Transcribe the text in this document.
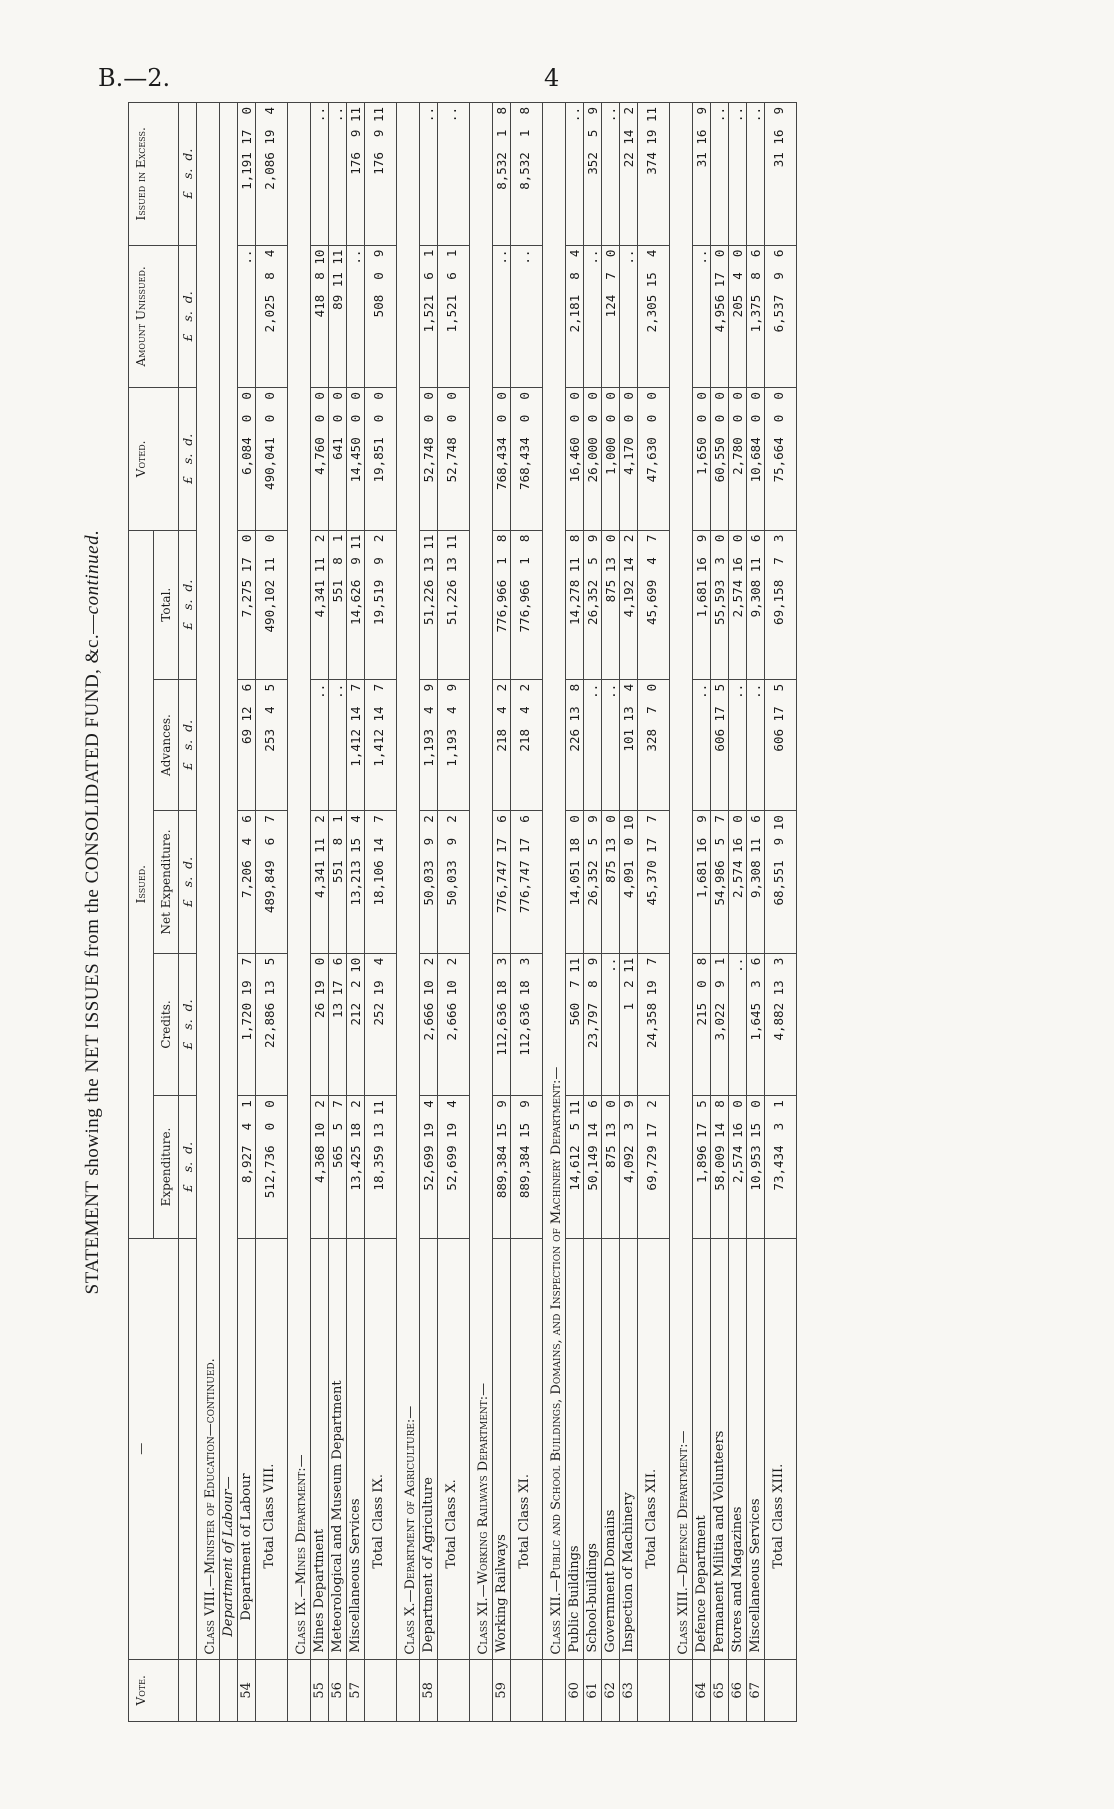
B.—2.	4
STATEMENT showing the NET ISSUES from the CONSOLIDATED FUND, &c.—continued.
Vote.	—	Issued.					Voted.	Amount Unissued.	Issued in Excess.
		Expenditure.	Credits.	Net Expenditure.	Advances.	Total.			
		£   s.  d.	£   s.  d.	£   s.  d.	£   s.  d.	£   s.  d.	£   s.  d.	£   s.  d.	£   s.  d.
	Class VIII.—Minister of Education—continued.								
	Department of Labour—								
54	Department of Labour	8,927  4  1	1,720 19  7	7,206  4  6	69 12  6	7,275 17  0	6,084  0  0	..	1,191 17  0
	Total Class VIII.	512,736  0  0	22,886 13  5	489,849  6  7	253  4  5	490,102 11  0	490,041  0  0	2,025  8  4	2,086 19  4
	Class IX.—Mines Department:—								
55	Mines Department	4,368 10  2	26 19  0	4,341 11  2	..	4,341 11  2	4,760  0  0	418  8 10	..
56	Meteorological and Museum Department	565  5  7	13 17  6	551  8  1	..	551  8  1	641  0  0	89 11 11	..
57	Miscellaneous Services	13,425 18  2	212  2 10	13,213 15  4	1,412 14  7	14,626  9 11	14,450  0  0	..	176  9 11
	Total Class IX.	18,359 13 11	252 19  4	18,106 14  7	1,412 14  7	19,519  9  2	19,851  0  0	508  0  9	176  9 11
	Class X.—Department of Agriculture:—								
58	Department of Agriculture	52,699 19  4	2,666 10  2	50,033  9  2	1,193  4  9	51,226 13 11	52,748  0  0	1,521  6  1	..
	Total Class X.	52,699 19  4	2,666 10  2	50,033  9  2	1,193  4  9	51,226 13 11	52,748  0  0	1,521  6  1	..
	Class XI.—Working Railways Department:—								
59	Working Railways	889,384 15  9	112,636 18  3	776,747 17  6	218  4  2	776,966  1  8	768,434  0  0	..	8,532  1  8
	Total Class XI.	889,384 15  9	112,636 18  3	776,747 17  6	218  4  2	776,966  1  8	768,434  0  0	..	8,532  1  8
	Class XII.—Public and School Buildings, Domains, and Inspection of Machinery Department:—								
60	Public Buildings	14,612  5 11	560  7 11	14,051 18  0	226 13  8	14,278 11  8	16,460  0  0	2,181  8  4	..
61	School-buildings	50,149 14  6	23,797  8  9	26,352  5  9	..	26,352  5  9	26,000  0  0	..	352  5  9
62	Government Domains	875 13  0	..	875 13  0	..	875 13  0	1,000  0  0	124  7  0	..
63	Inspection of Machinery	4,092  3  9	1  2 11	4,091  0 10	101 13  4	4,192 14  2	4,170  0  0	..	22 14  2
	Total Class XII.	69,729 17  2	24,358 19  7	45,370 17  7	328  7  0	45,699  4  7	47,630  0  0	2,305 15  4	374 19 11
	Class XIII.—Defence Department:—								
64	Defence Department	1,896 17  5	215  0  8	1,681 16  9	..	1,681 16  9	1,650  0  0	..	31 16  9
65	Permanent Militia and Volunteers	58,009 14  8	3,022  9  1	54,986  5  7	606 17  5	55,593  3  0	60,550  0  0	4,956 17  0	..
66	Stores and Magazines	2,574 16  0	..	2,574 16  0	..	2,574 16  0	2,780  0  0	205  4  0	..
67	Miscellaneous Services	10,953 15  0	1,645  3  6	9,308 11  6	..	9,308 11  6	10,684  0  0	1,375  8  6	..
	Total Class XIII.	73,434  3  1	4,882 13  3	68,551  9 10	606 17  5	69,158  7  3	75,664  0  0	6,537  9  6	31 16  9
